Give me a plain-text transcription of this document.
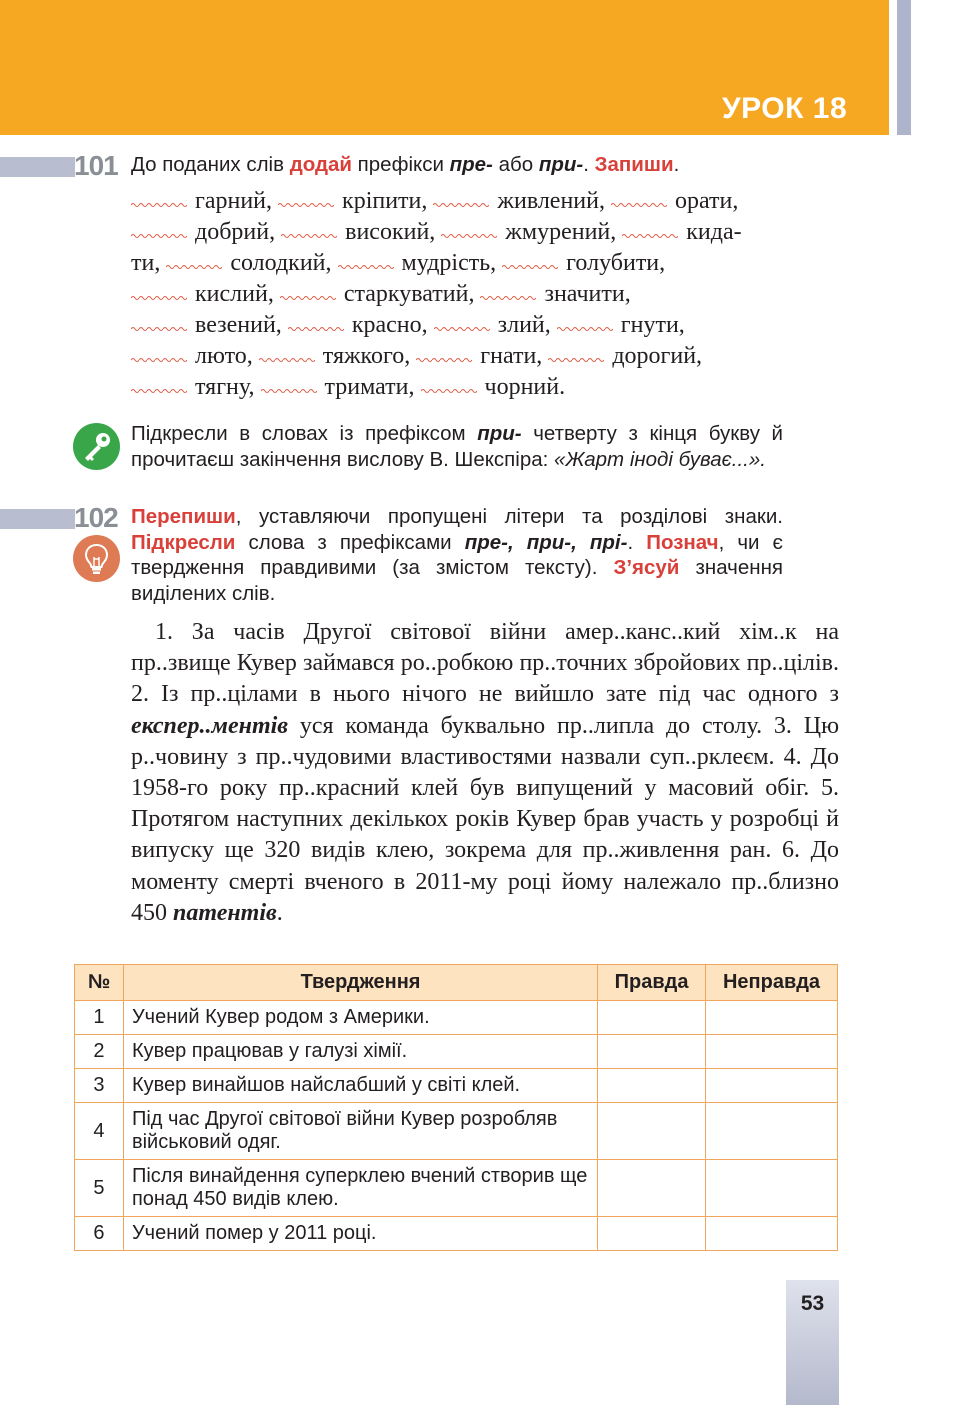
УРОК 18
101 До поданих слів додай префікси пре- або при-. Запиши.
гарний,	кріпити,	живлений,	орати,
добрий,	високий,	жмурений,	кида-
ти,	солодкий,	мудрість,	голубити,
кислий,	старкуватий,	значити,
везений,	красно,	злий,	гнути,
люто,	тяжкого,	гнати,	дорогий,
тягну,	тримати,	чорний.
Підкресли в словах із префіксом при- четверту з кінця букву й прочитаєш закінчення вислову В. Шекспіра: «Жарт іноді буває...».
102 Перепиши, уставляючи пропущені літери та розділові знаки. Підкресли слова з префіксами пре-, при-, прі-. Познач, чи є твердження правдивими (за змістом тексту). З’ясуй значення виділених слів.
1. За часів Другої світової війни амер..канс..кий хім..к на пр..звище Кувер займався ро..робкою пр..точних збройових пр..цілів. 2. Із пр..цілами в нього нічого не вийшло зате під час одного з експер..ментів уся команда буквально пр..липла до столу. 3. Цю р..човину з пр..чудовими властивостями назвали суп..рклеєм. 4. До 1958-го року пр..красний клей був випущений у масовий обіг. 5. Протягом наступних декількох років Кувер брав участь у розробці й випуску ще 320 видів клею, зокрема для пр..живлення ран. 6. До моменту смерті вченого в 2011-му році йому належало пр..близно 450 патентів.
№	Твердження	Правда	Неправда
1	Учений Кувер родом з Америки.		
2	Кувер працював у галузі хімії.		
3	Кувер винайшов найслабший у світі клей.		
4	Під час Другої світової війни Кувер розробляв військовий одяг.		
5	Після винайдення суперклею вчений створив ще понад 450 видів клею.		
6	Учений помер у 2011 році.		
53
